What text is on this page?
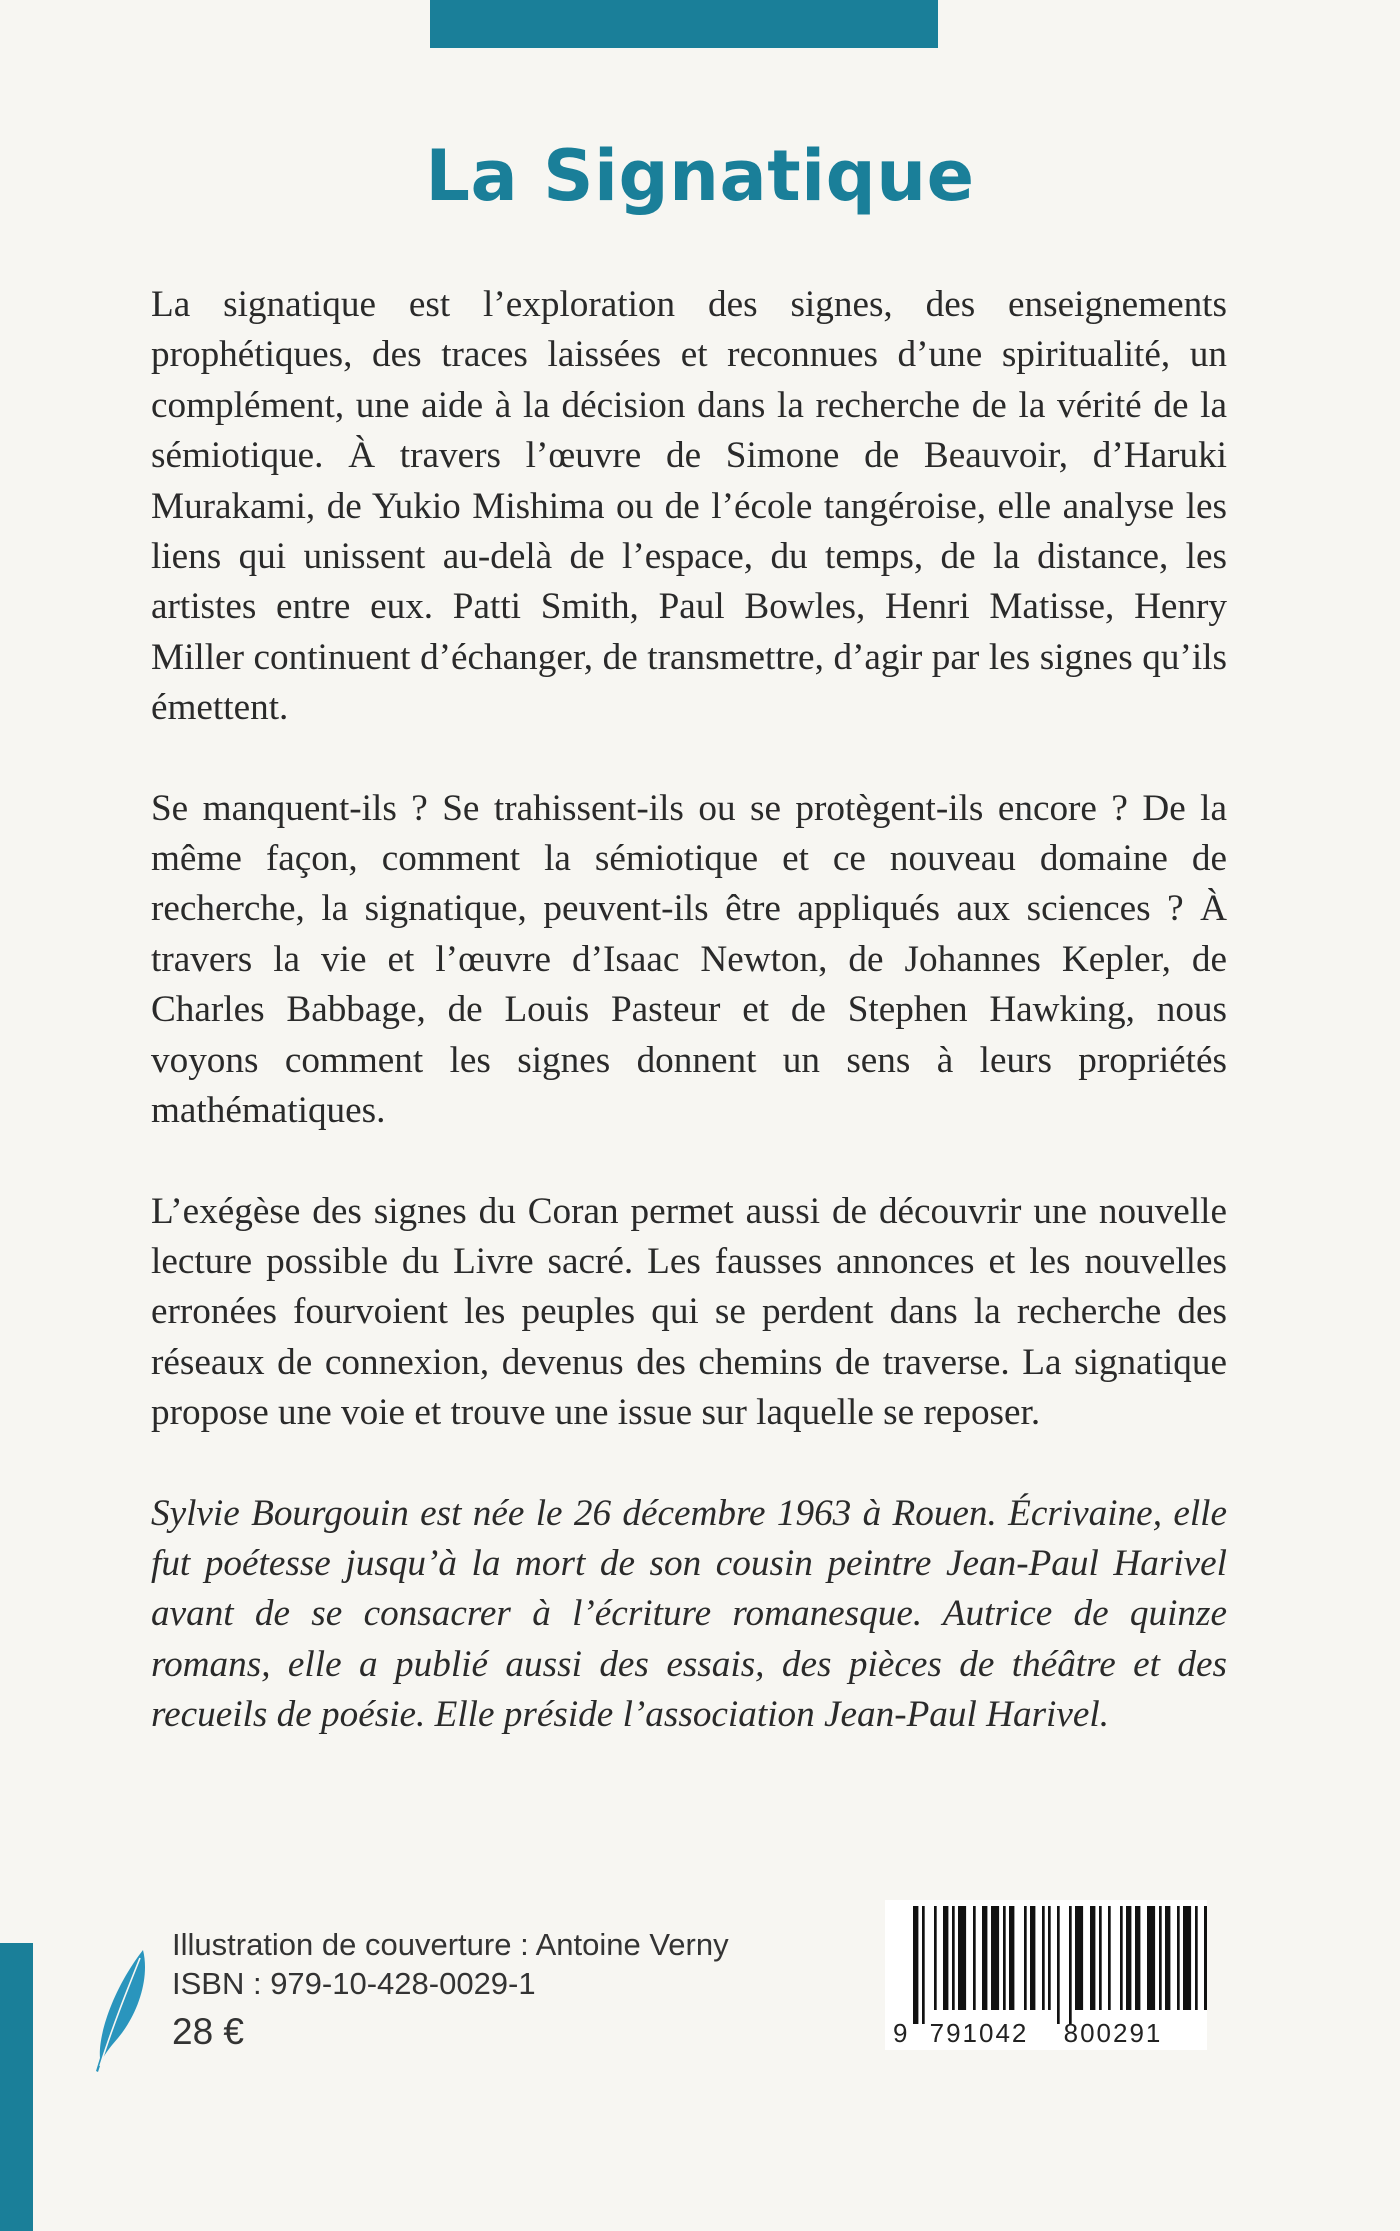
La Signatique

La signatique est l’exploration des signes, des enseignements prophétiques, des traces laissées et reconnues d’une spiritualité, un complément, une aide à la décision dans la recherche de la vérité de la sémiotique. À travers l’œuvre de Simone de Beauvoir, d’Haruki Murakami, de Yukio Mishima ou de l’école tangéroise, elle analyse les liens qui unissent au-delà de l’espace, du temps, de la distance, les artistes entre eux. Patti Smith, Paul Bowles, Henri Matisse, Henry Miller continuent d’échanger, de transmettre, d’agir par les signes qu’ils émettent.

Se manquent-ils ? Se trahissent-ils ou se protègent-ils encore ? De la même façon, comment la sémiotique et ce nouveau domaine de recherche, la signatique, peuvent-ils être appliqués aux sciences ? À travers la vie et l’œuvre d’Isaac Newton, de Johannes Kepler, de Charles Babbage, de Louis Pasteur et de Stephen Hawking, nous voyons comment les signes donnent un sens à leurs propriétés mathématiques.

L’exégèse des signes du Coran permet aussi de découvrir une nouvelle lecture possible du Livre sacré. Les fausses annonces et les nouvelles erronées fourvoient les peuples qui se perdent dans la recherche des réseaux de connexion, devenus des chemins de traverse. La signatique propose une voie et trouve une issue sur laquelle se reposer.

Sylvie Bourgouin est née le 26 décembre 1963 à Rouen. Écrivaine, elle fut poétesse jusqu’à la mort de son cousin peintre Jean-Paul Harivel avant de se consacrer à l’écriture romanesque. Autrice de quinze romans, elle a publié aussi des essais, des pièces de théâtre et des recueils de poésie. Elle préside l’association Jean-Paul Harivel.

Illustration de couverture : Antoine Verny
ISBN : 979-10-428-0029-1
28 €	9 791042 800291
